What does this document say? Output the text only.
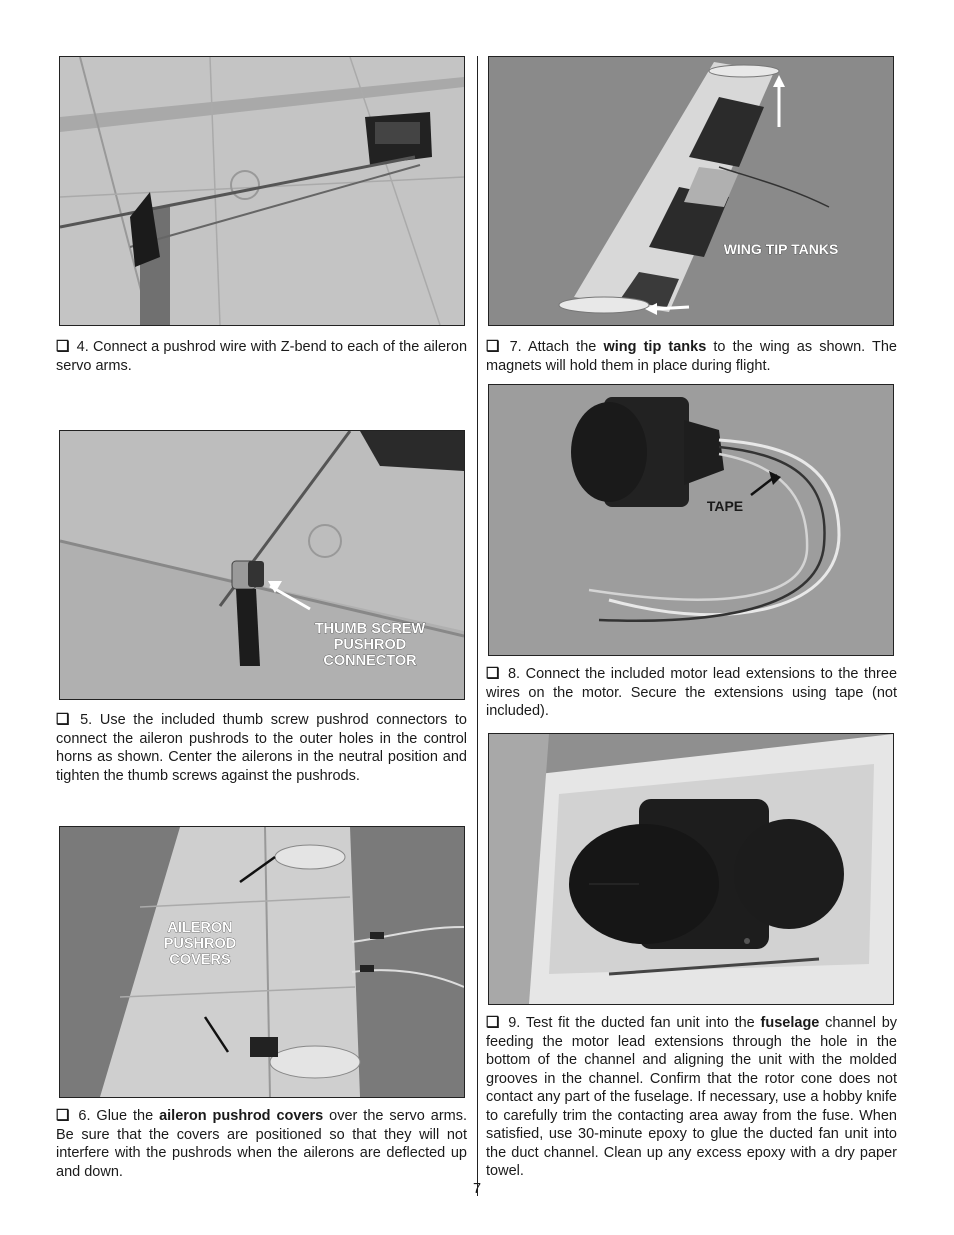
❏ 4. Connect a pushrod wire with Z-bend to each of the aileron servo arms.
THUMB SCREW
PUSHROD
CONNECTOR
❏ 5. Use the included thumb screw pushrod connectors to connect the aileron pushrods to the outer holes in the control horns as shown. Center the ailerons in the neutral position and tighten the thumb screws against the pushrods.
AILERON
PUSHROD
COVERS
❏ 6. Glue the aileron pushrod covers over the servo arms. Be sure that the covers are positioned so that they will not interfere with the pushrods when the ailerons are deflected up and down.
WING TIP TANKS
❏ 7. Attach the wing tip tanks to the wing as shown. The magnets will hold them in place during flight.
TAPE
❏ 8. Connect the included motor lead extensions to the three wires on the motor. Secure the extensions using tape (not included).
❏ 9. Test fit the ducted fan unit into the fuselage channel by feeding the motor lead extensions through the hole in the bottom of the channel and aligning the unit with the molded grooves in the channel. Confirm that the rotor cone does not contact any part of the fuselage. If necessary, use a hobby knife to carefully trim the contacting area away from the fuse. When satisfied, use 30-minute epoxy to glue the ducted fan unit into the duct channel. Clean up any excess epoxy with a dry paper towel.
7
